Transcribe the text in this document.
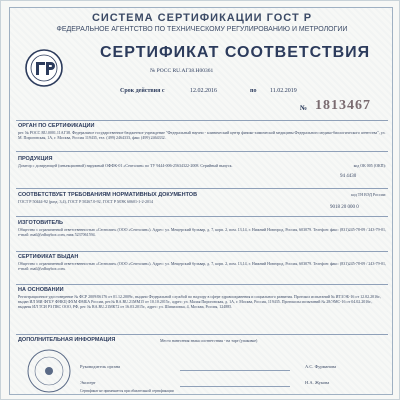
СИСТЕМА СЕРТИФИКАЦИИ ГОСТ Р
ФЕДЕРАЛЬНОЕ АГЕНТСТВО ПО ТЕХНИЧЕСКОМУ РЕГУЛИРОВАНИЮ И МЕТРОЛОГИИ
СЕРТИФИКАТ СООТВЕТСТВИЯ
№ РОСС RU.АГ38.Н00361
Срок действия с	12.02.2016	по 11.02.2019
№ 1813467
ОРГАН ПО СЕРТИФИКАЦИИ
рег. № РОСС RU.0001.11АГ38. Федеральное государственное бюджетное учреждение "Федеральный научно - клинический центр физико-химической медицины Федерального медико-биологического агентства", ул. М. Пироговская, 1А, г. Москва, Россия 119435, тел. (499) 2464333, факс (499) 2464332.
ПРОДУКЦИЯ
Дозатор с дозирующей (инъекционной) наружный ОФФК-01 «Септолин» по ТУ 9444-006-25634322-2008. Серийный выпуск.	код ОК 005 (ОКП):
94 4430
СООТВЕТСТВУЕТ ТРЕБОВАНИЯМ НОРМАТИВНЫХ ДОКУМЕНТОВ
ГОСТ Р 50444-92 (разд. 3,4), ГОСТ Р 50267.0-92, ГОСТ Р МЭК 60601-1-2-2014
код ТН ВЭД России:
9018 20 000 0
ИЗГОТОВИТЕЛЬ
Общество с ограниченной ответственностью «Септолин» (ООО «Септолин»). Адрес: ул. Мещерский бульвар, д. 7, корп. 2, пом. 13,14, г. Нижний Новгород, Россия, 603079. Телефон: факс: (831)245-78-09 / 243-79-01, e-mail: mail@zdbaybox.com, ниж 5237061594.
СЕРТИФИКАТ ВЫДАН
Общество с ограниченной ответственностью «Септолин» (ООО «Септолин»). Адрес: ул. Мещерский бульвар, д. 7, корп. 2, пом. 13,14, г. Нижний Новгород, Россия, 603079. Телефон: факс: (831)245-78-09 / 243-79-01, e-mail: mail@zdbaybox.com.
НА ОСНОВАНИИ
Регистрационное удостоверение № ФСР 2009/06176 от 01.12.2009г., выдано Федеральной службой по надзору в сфере здравоохранения и социального развития. Протокол испытаний № ИТЗ/ЭБ-16 от 12.02.2016г., выдан ИЛ МИ ФГБУ ФНКЦ ФХМ ФМБА России, рег.№ RA.RU.21MM15 от 10.10.2015г., адрес: ул. Малая Пироговская, д. 1А, г. Москва, Россия, 119435. Протоколы испытаний № 28/ЭМС-16 от 04.02.2016г., выданы ИЛ ТСИ РЗ ПКС ООО, РФ, рег. № RA.RU.21МК72 от 16.03.2015г., адрес: ул. Шипиловка, 4, Москва, Россия, 124885.
ДОПОЛНИТЕЛЬНАЯ ИНФОРМАЦИЯ	Место нанесения знака соответствия - на таре (упаковке)
Руководитель органа	А.С. Фурманова
Эксперт	Н.А. Жукова
Сертификат не применяется при обязательной сертификации
